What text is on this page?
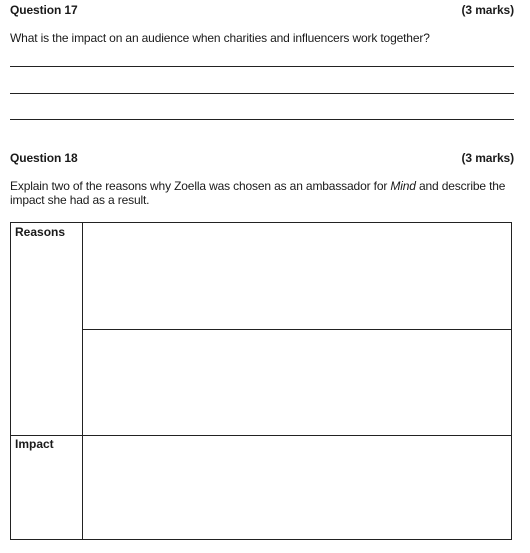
Question 17	(3 marks)
What is the impact on an audience when charities and influencers work together?
Question 18	(3 marks)
Explain two of the reasons why Zoella was chosen as an ambassador for Mind and describe the impact she had as a result.
Reasons
Impact
